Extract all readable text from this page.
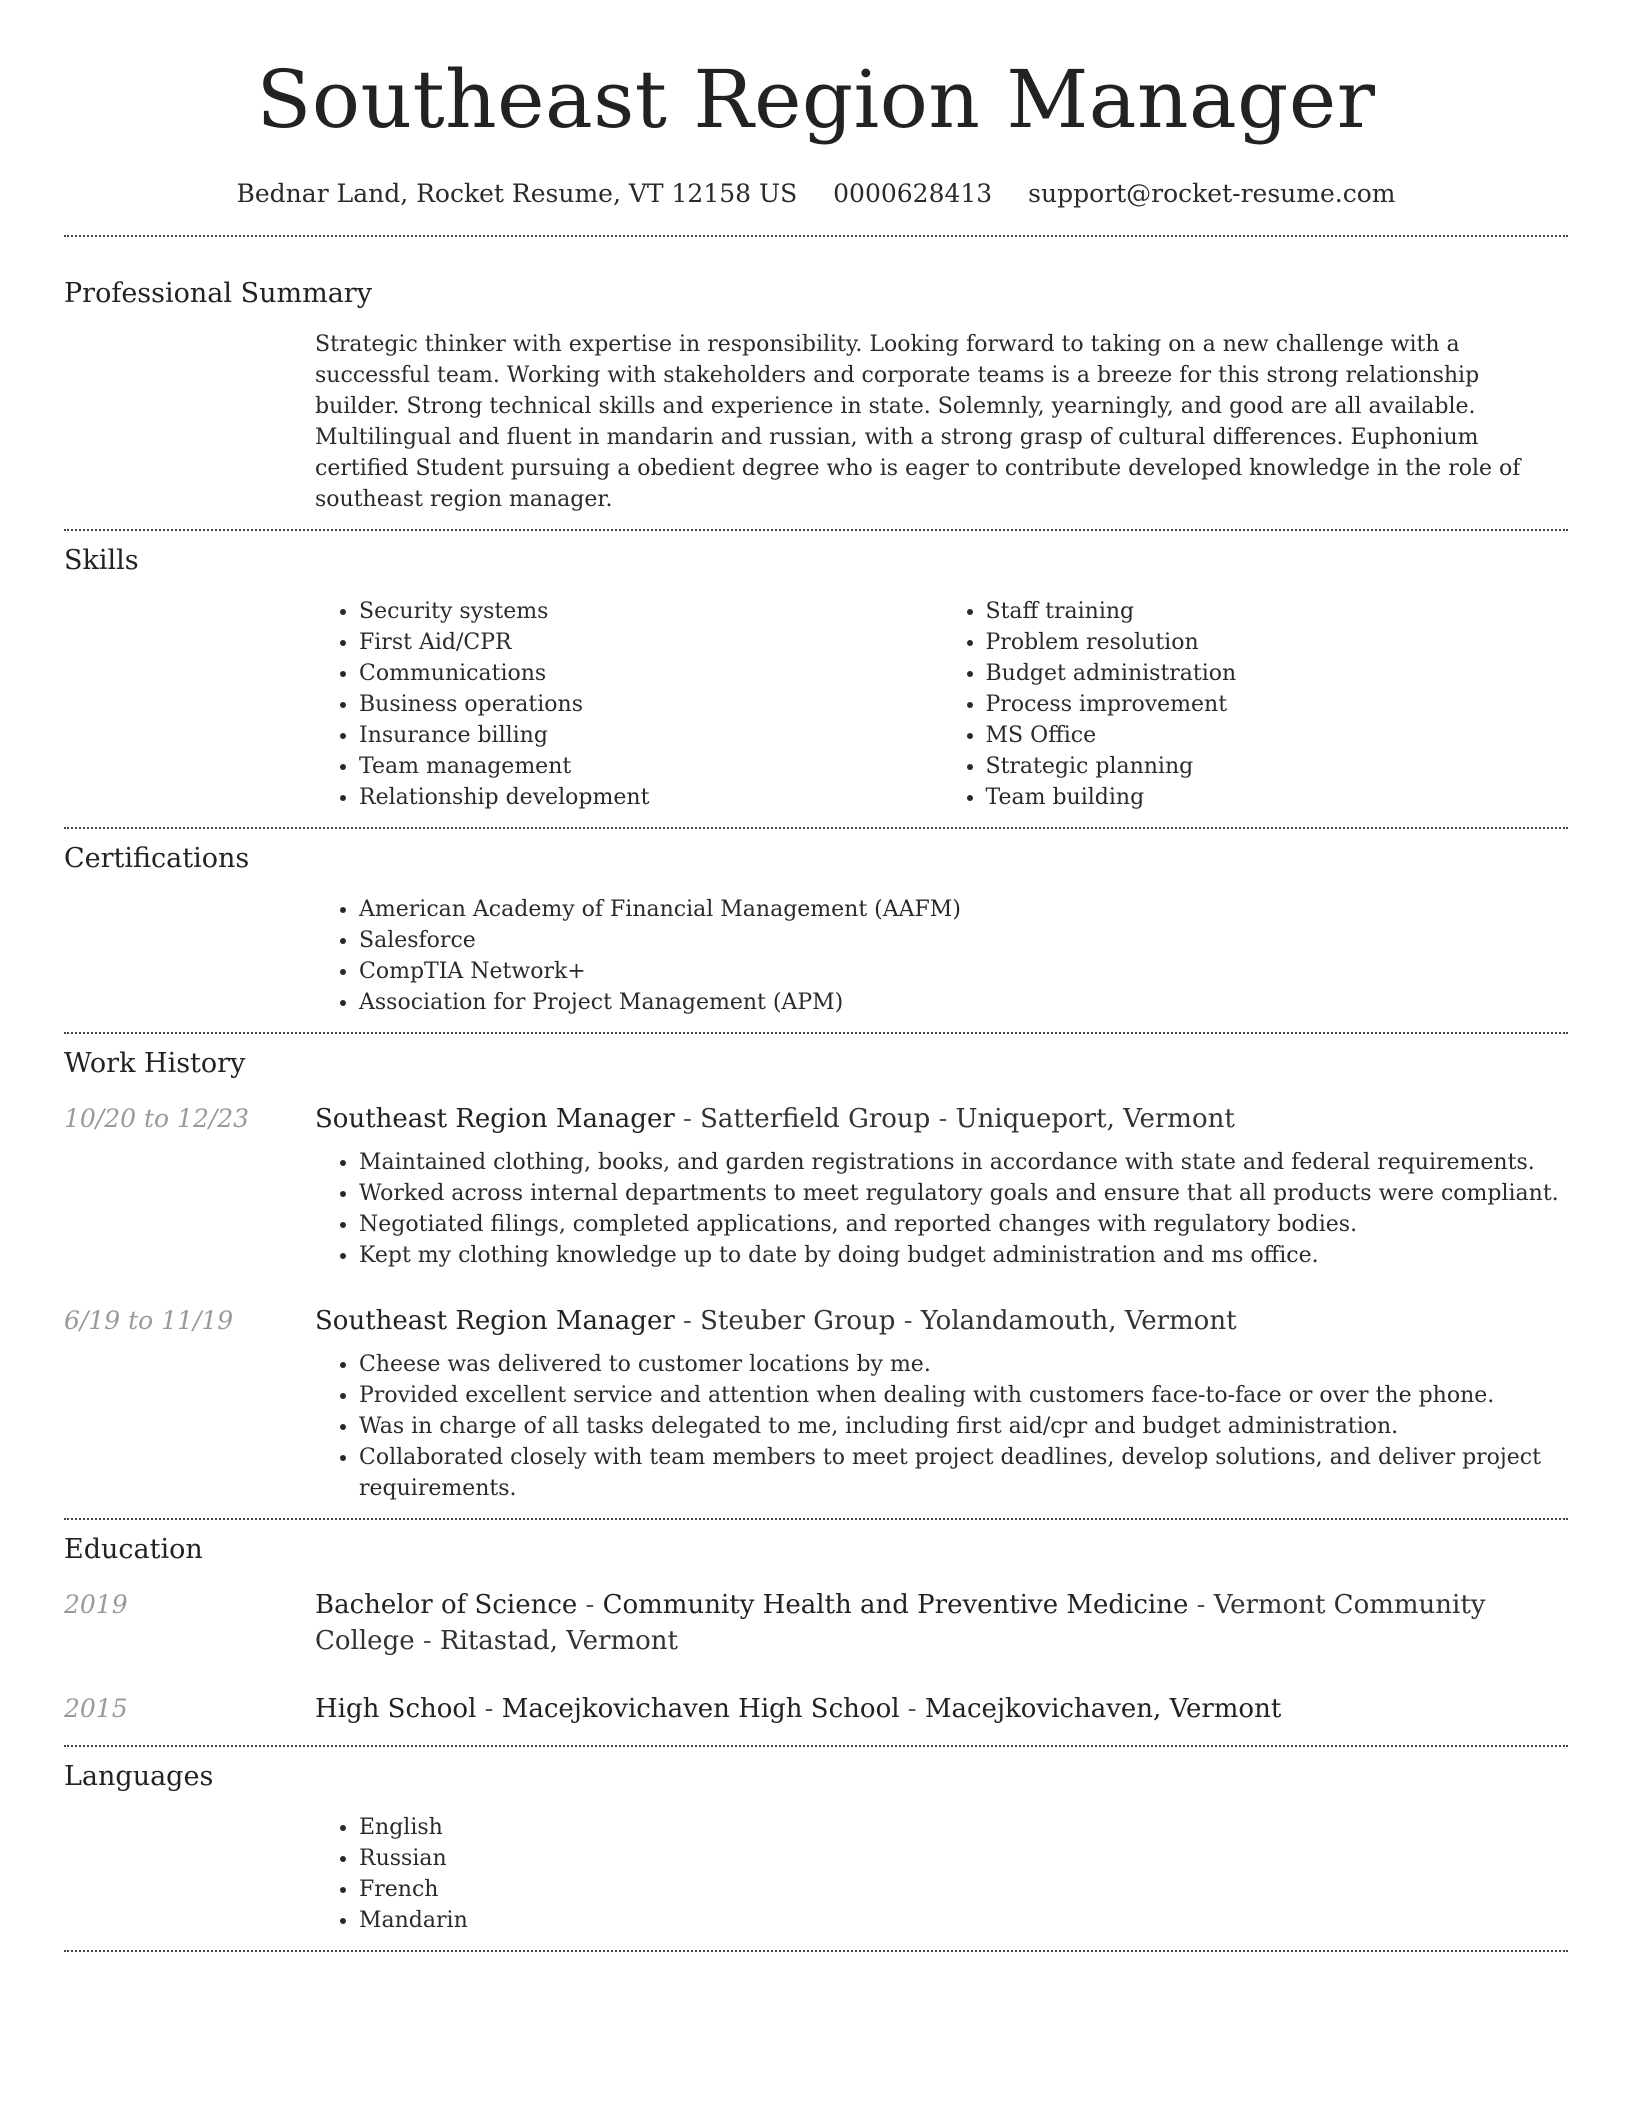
Southeast Region Manager
Bednar Land, Rocket Resume, VT 12158 US 0000628413 support@rocket-resume.com
Professional Summary
Strategic thinker with expertise in responsibility. Looking forward to taking on a new challenge with a successful team. Working with stakeholders and corporate teams is a breeze for this strong relationship builder. Strong technical skills and experience in state. Solemnly, yearningly, and good are all available. Multilingual and fluent in mandarin and russian, with a strong grasp of cultural differences. Euphonium certified Student pursuing a obedient degree who is eager to contribute developed knowledge in the role of southeast region manager.
Skills
• Security systems
• First Aid/CPR
• Communications
• Business operations
• Insurance billing
• Team management
• Relationship development
• Staff training
• Problem resolution
• Budget administration
• Process improvement
• MS Office
• Strategic planning
• Team building
Certifications
• American Academy of Financial Management (AAFM)
• Salesforce
• CompTIA Network+
• Association for Project Management (APM)
Work History
10/20 to 12/23	Southeast Region Manager - Satterfield Group - Uniqueport, Vermont
• Maintained clothing, books, and garden registrations in accordance with state and federal requirements.
• Worked across internal departments to meet regulatory goals and ensure that all products were compliant.
• Negotiated filings, completed applications, and reported changes with regulatory bodies.
• Kept my clothing knowledge up to date by doing budget administration and ms office.
6/19 to 11/19	Southeast Region Manager - Steuber Group - Yolandamouth, Vermont
• Cheese was delivered to customer locations by me.
• Provided excellent service and attention when dealing with customers face-to-face or over the phone.
• Was in charge of all tasks delegated to me, including first aid/cpr and budget administration.
• Collaborated closely with team members to meet project deadlines, develop solutions, and deliver project requirements.
Education
2019	Bachelor of Science - Community Health and Preventive Medicine - Vermont Community College - Ritastad, Vermont
2015	High School - Macejkovichaven High School - Macejkovichaven, Vermont
Languages
• English
• Russian
• French
• Mandarin
